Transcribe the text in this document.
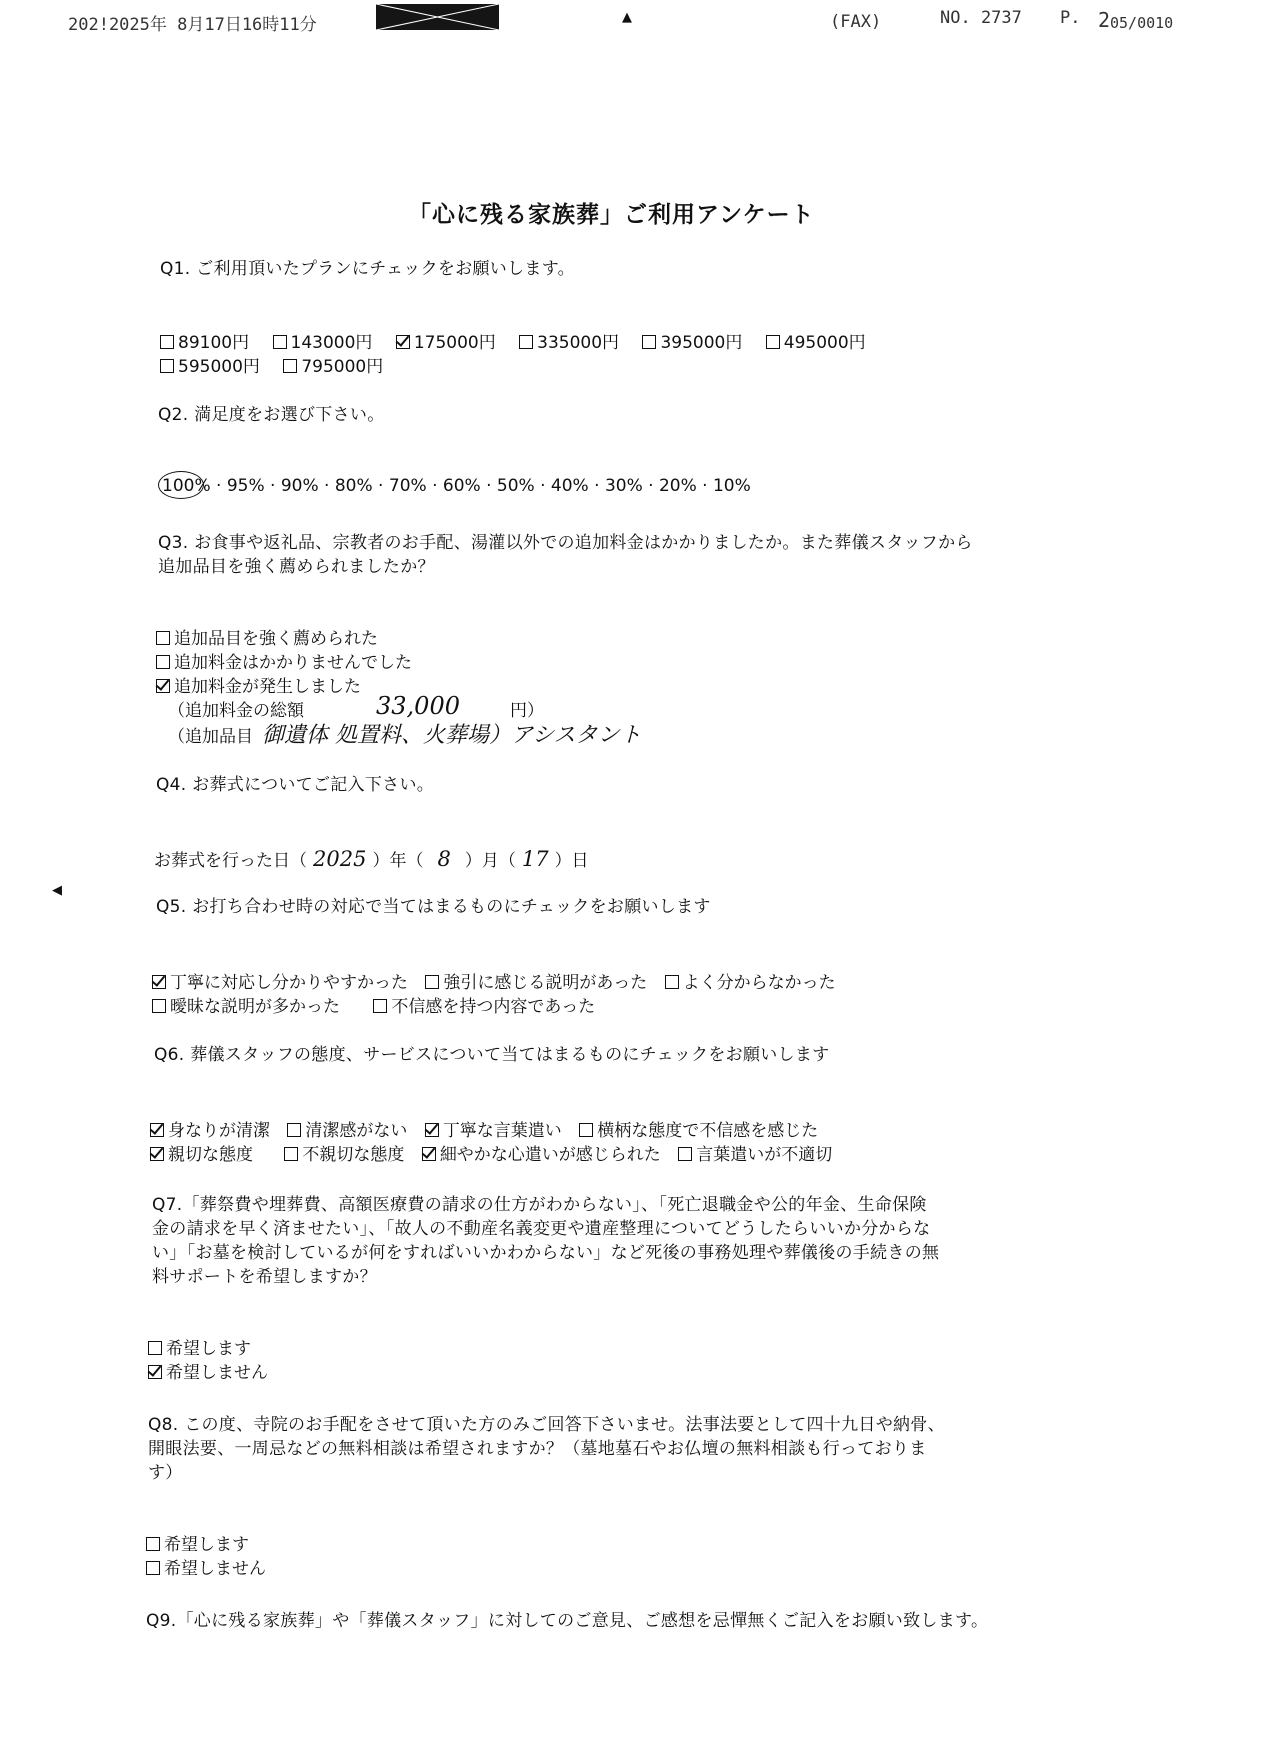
202!2025年 8月17日16時11分	▲	(FAX)	NO. 2737 P. 2 05/0010
「心に残る家族葬」ご利用アンケート
Q1. ご利用頂いたプランにチェックをお願いします。
89100円 143000円 175000円 335000円 395000円 495000円
595000円 795000円
Q2. 満足度をお選び下さい。
100% · 95% · 90% · 80% · 70% · 60% · 50% · 40% · 30% · 20% · 10%
Q3. お食事や返礼品、宗教者のお手配、湯灌以外での追加料金はかかりましたか。また葬儀スタッフから
追加品目を強く薦められましたか？
追加品目を強く薦められた
追加料金はかかりませんでした
追加料金が発生しました
（追加料金の総額	33,000	円）
（追加品目 御遺体 処置料、火葬場）アシスタント
Q4. お葬式についてご記入下さい。
お葬式を行った日（ 2025 ）年（ 8 ）月（ 17 ）日
◀
Q5. お打ち合わせ時の対応で当てはまるものにチェックをお願いします
丁寧に対応し分かりやすかった 強引に感じる説明があった よく分からなかった
曖昧な説明が多かった	不信感を持つ内容であった
Q6. 葬儀スタッフの態度、サービスについて当てはまるものにチェックをお願いします
身なりが清潔 清潔感がない 丁寧な言葉遣い 横柄な態度で不信感を感じた
親切な態度	不親切な態度 細やかな心遣いが感じられた 言葉遣いが不適切
Q7.「葬祭費や埋葬費、高額医療費の請求の仕方がわからない」、「死亡退職金や公的年金、生命保険
金の請求を早く済ませたい」、「故人の不動産名義変更や遺産整理についてどうしたらいいか分からな
い」「お墓を検討しているが何をすればいいかわからない」など死後の事務処理や葬儀後の手続きの無
料サポートを希望しますか？
希望します
希望しません
Q8. この度、寺院のお手配をさせて頂いた方のみご回答下さいませ。法事法要として四十九日や納骨、
開眼法要、一周忌などの無料相談は希望されますか？（墓地墓石やお仏壇の無料相談も行っておりま
す）
希望します
希望しません
Q9.「心に残る家族葬」や「葬儀スタッフ」に対してのご意見、ご感想を忌憚無くご記入をお願い致します。
